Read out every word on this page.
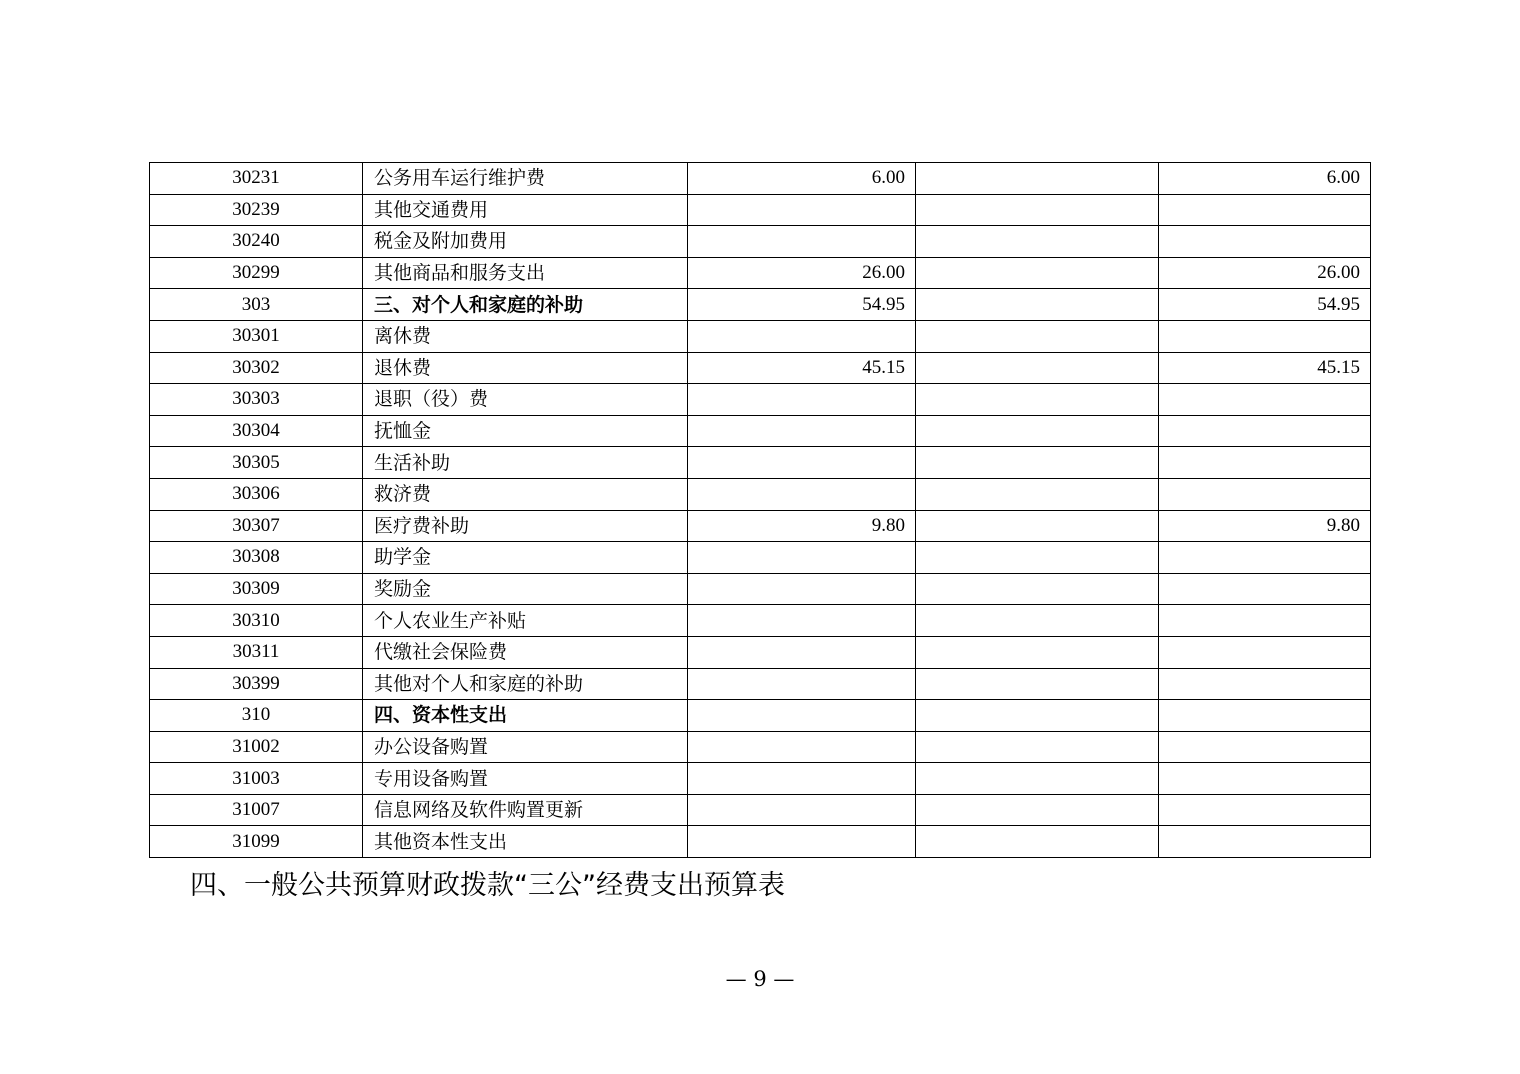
30231	公务用车运行维护费	6.00		6.00
30239	其他交通费用			
30240	税金及附加费用			
30299	其他商品和服务支出	26.00		26.00
303	三、对个人和家庭的补助	54.95		54.95
30301	离休费			
30302	退休费	45.15		45.15
30303	退职（役）费			
30304	抚恤金			
30305	生活补助			
30306	救济费			
30307	医疗费补助	9.80		9.80
30308	助学金			
30309	奖励金			
30310	个人农业生产补贴			
30311	代缴社会保险费			
30399	其他对个人和家庭的补助			
310	四、资本性支出			
31002	办公设备购置			
31003	专用设备购置			
31007	信息网络及软件购置更新			
31099	其他资本性支出			
四、一般公共预算财政拨款“三公”经费支出预算表
— 9 —
